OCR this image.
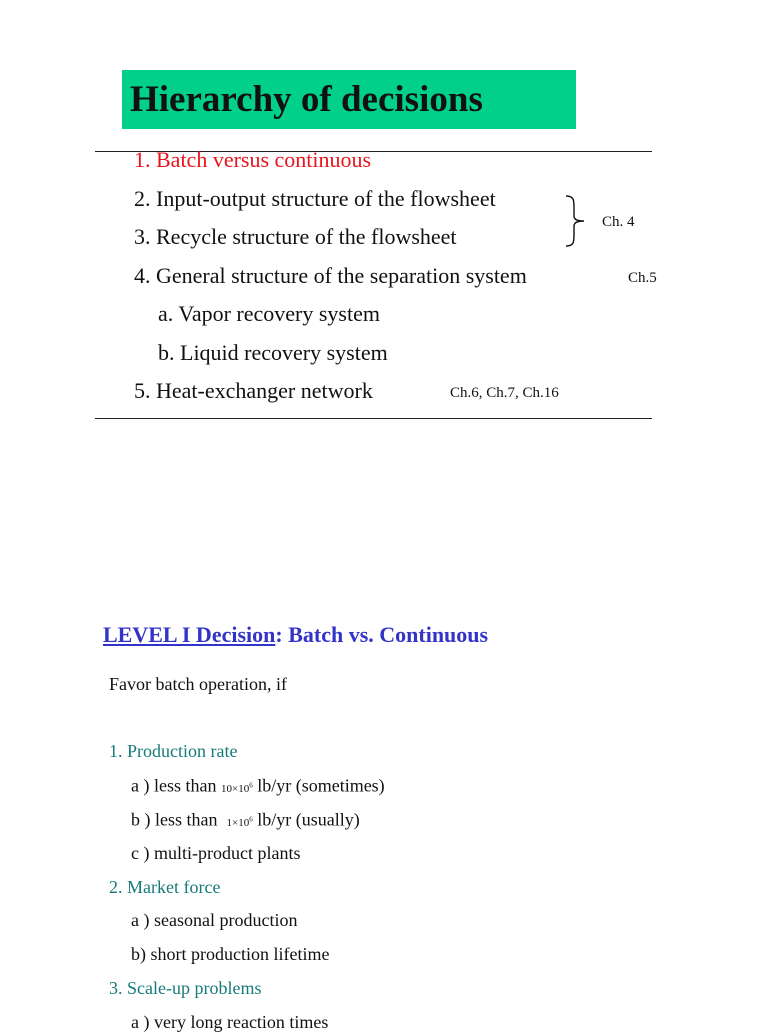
Hierarchy of decisions
1. Batch versus continuous
2. Input-output structure of the flowsheet
3. Recycle structure of the flowsheet
4. General structure of the separation system
a. Vapor recovery system
b. Liquid recovery system
5. Heat-exchanger network
Ch. 4
Ch.5
Ch.6, Ch.7, Ch.16
LEVEL I Decision: Batch vs. Continuous
Favor batch operation, if
1. Production rate
a ) less than $10\times 10^6$ lb/yr (sometimes)
b ) less than  $1\times 10^6$ lb/yr (usually)
c ) multi-product plants
2. Market force
a ) seasonal production
b) short production lifetime
3. Scale-up problems
a ) very long reaction times
